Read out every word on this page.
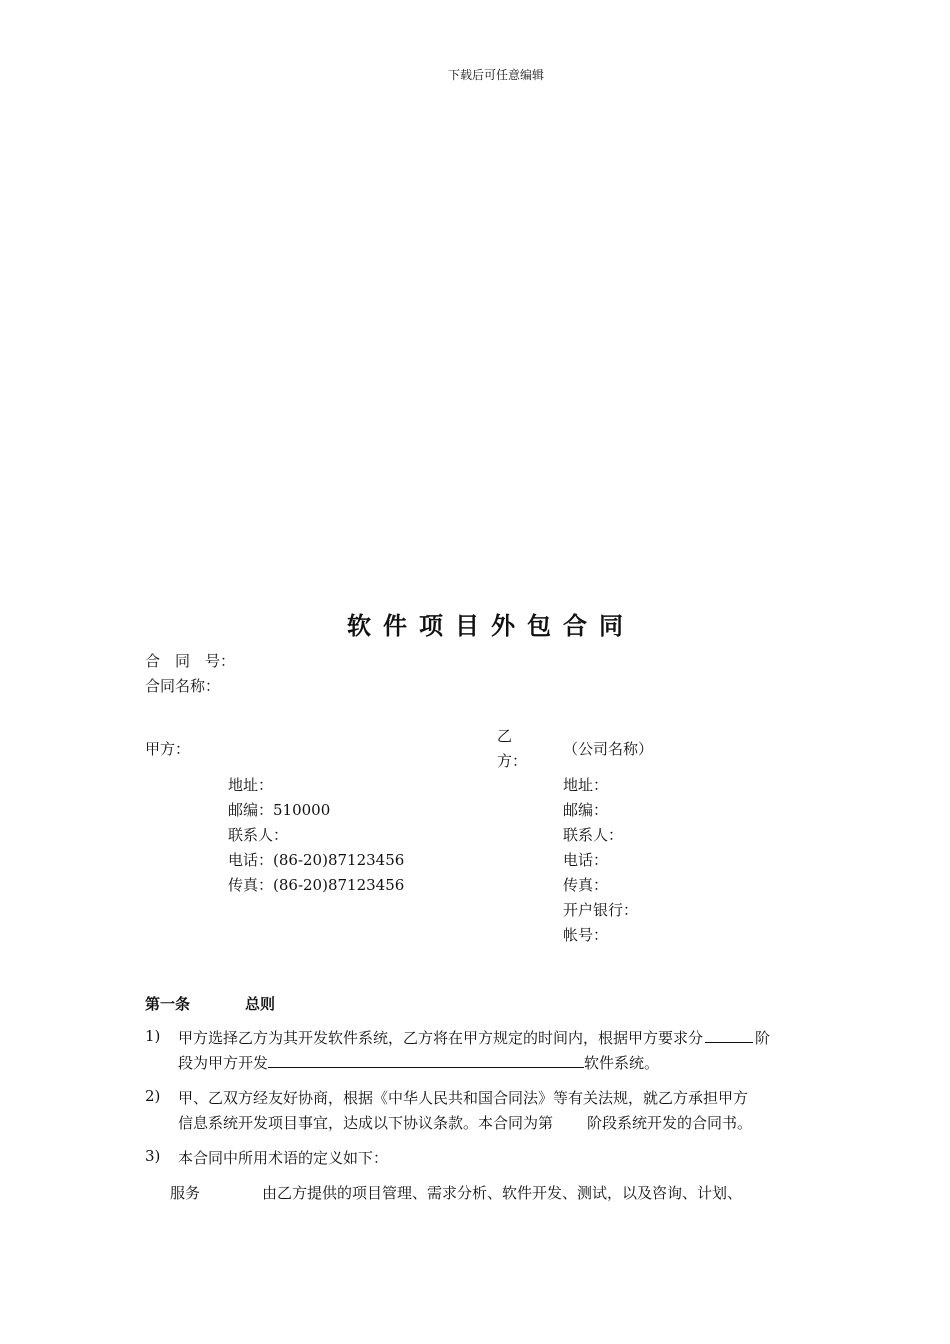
下载后可任意编辑
软件项目外包合同
合　同　号：
合同名称：
甲方：
地址：
邮编：510000
联系人：
电话：(86-20)87123456
传真：(86-20)87123456
乙
方：
（公司名称）
地址：
邮编：
联系人：
电话：
传真：
开户银行：
帐号：
第一条	总则
1) 甲方选择乙方为其开发软件系统，乙方将在甲方规定的时间内，根据甲方要求分	阶
段为甲方开发	软件系统。
2) 甲、乙双方经友好协商，根据《中华人民共和国合同法》等有关法规，就乙方承担甲方
信息系统开发项目事宜，达成以下协议条款。本合同为第 阶段系统开发的合同书。
3) 本合同中所用术语的定义如下：
服务	由乙方提供的项目管理、需求分析、软件开发、测试，以及咨询、计划、
